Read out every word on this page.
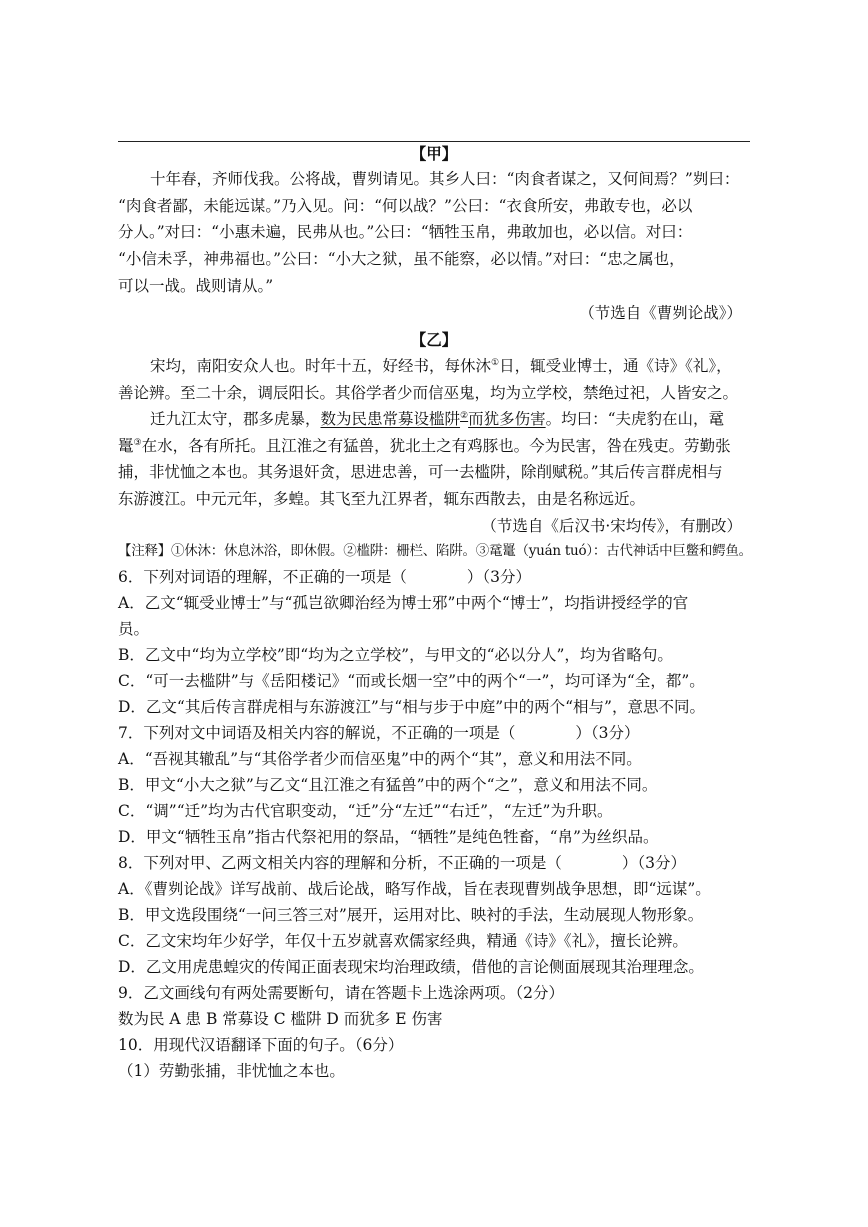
【甲】
十年春，齐师伐我。公将战，曹刿请见。其乡人曰：“肉食者谋之，又何间焉？”刿曰：
“肉食者鄙，未能远谋。”乃入见。问：“何以战？”公曰：“衣食所安，弗敢专也，必以
分人。”对曰：“小惠未遍，民弗从也。”公曰：“牺牲玉帛，弗敢加也，必以信。对曰：
“小信未孚，神弗福也。”公曰：“小大之狱，虽不能察，必以情。”对曰：“忠之属也，
可以一战。战则请从。”
（节选自《曹刿论战》）
【乙】
宋均，南阳安众人也。时年十五，好经书，每休沐①日，辄受业博士，通《诗》《礼》，
善论辨。至二十余，调辰阳长。其俗学者少而信巫鬼，均为立学校，禁绝过祀，人皆安之。
迁九江太守，郡多虎暴，数为民患常募设槛阱②而犹多伤害。均曰：“夫虎豹在山，鼋
鼍③在水，各有所托。且江淮之有猛兽，犹北土之有鸡豚也。今为民害，咎在残吏。劳勤张
捕，非忧恤之本也。其务退奸贪，思进忠善，可一去槛阱，除削赋税。”其后传言群虎相与
东游渡江。中元元年，多蝗。其飞至九江界者，辄东西散去，由是名称远近。
（节选自《后汉书·宋均传》，有删改）
【注释】①休沐：休息沐浴，即休假。②槛阱：栅栏、陷阱。③鼋鼍（yuán tuó）：古代神话中巨鳖和鳄鱼。
6．下列对词语的理解，不正确的一项是（	）（3分）
A．乙文“辄受业博士”与“孤岂欲卿治经为博士邪”中两个“博士”，均指讲授经学的官
员。
B．乙文中“均为立学校”即“均为之立学校”，与甲文的“必以分人”，均为省略句。
C．“可一去槛阱”与《岳阳楼记》“而或长烟一空”中的两个“一”，均可译为“全，都”。
D．乙文“其后传言群虎相与东游渡江”与“相与步于中庭”中的两个“相与”，意思不同。
7．下列对文中词语及相关内容的解说，不正确的一项是（	）（3分）
A．“吾视其辙乱”与“其俗学者少而信巫鬼”中的两个“其”，意义和用法不同。
B．甲文“小大之狱”与乙文“且江淮之有猛兽”中的两个“之”，意义和用法不同。
C．“调”“迁”均为古代官职变动，“迁”分“左迁”“右迁”，“左迁”为升职。
D．甲文“牺牲玉帛”指古代祭祀用的祭品，“牺牲”是纯色牲畜，“帛”为丝织品。
8．下列对甲、乙两文相关内容的理解和分析，不正确的一项是（	）（3分）
A．《曹刿论战》详写战前、战后论战，略写作战，旨在表现曹刿战争思想，即“远谋”。
B．甲文选段围绕“一问三答三对”展开，运用对比、映衬的手法，生动展现人物形象。
C．乙文宋均年少好学，年仅十五岁就喜欢儒家经典，精通《诗》《礼》，擅长论辨。
D．乙文用虎患蝗灾的传闻正面表现宋均治理政绩，借他的言论侧面展现其治理理念。
9．乙文画线句有两处需要断句，请在答题卡上选涂两项。（2分）
数为民 A 患 B 常募设 C 槛阱 D 而犹多 E 伤害
10．用现代汉语翻译下面的句子。（6分）
（1）劳勤张捕，非忧恤之本也。
